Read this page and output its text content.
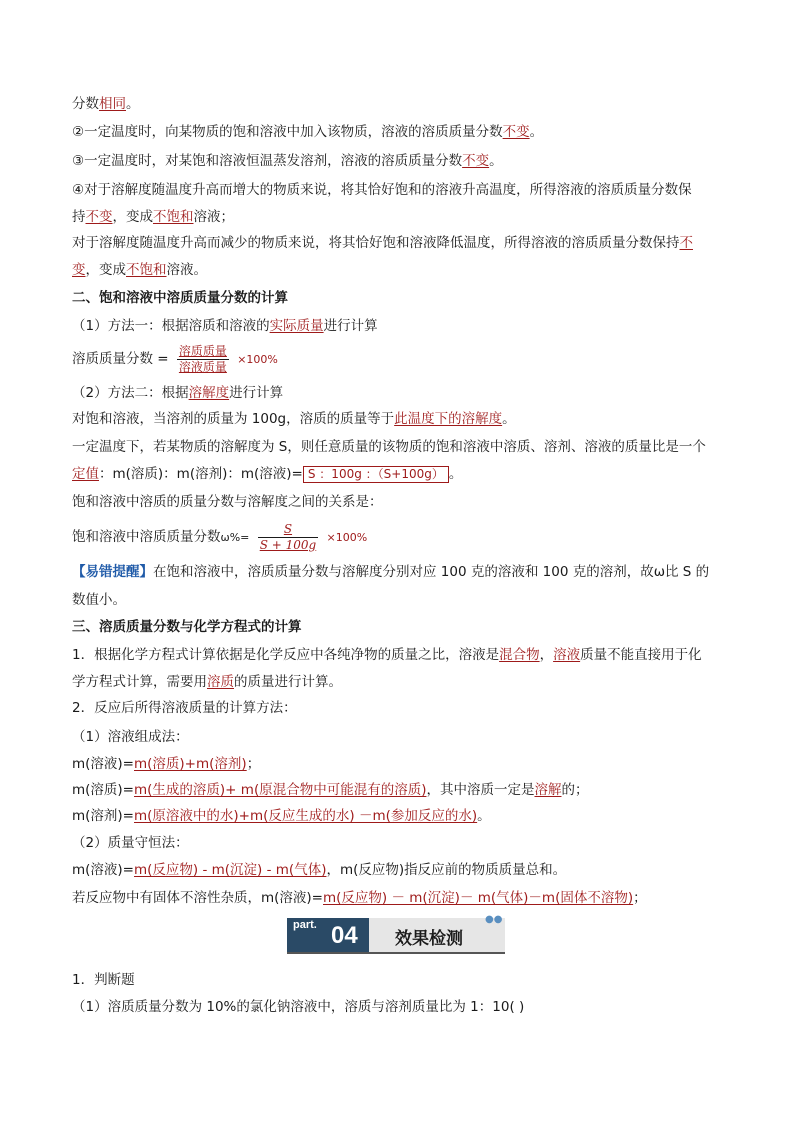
分数相同。
②一定温度时，向某物质的饱和溶液中加入该物质，溶液的溶质质量分数不变。
③一定温度时，对某饱和溶液恒温蒸发溶剂，溶液的溶质质量分数不变。
④对于溶解度随温度升高而增大的物质来说，将其恰好饱和的溶液升高温度，所得溶液的溶质质量分数保
持不变，变成不饱和溶液；
对于溶解度随温度升高而减少的物质来说，将其恰好饱和溶液降低温度，所得溶液的溶质质量分数保持不
变，变成不饱和溶液。
二、饱和溶液中溶质质量分数的计算
（1）方法一：根据溶质和溶液的实际质量进行计算
溶质质量分数 = $\frac{\text{溶质质量}}{\text{溶液质量}} \times 100\%$
（2）方法二：根据溶解度进行计算
对饱和溶液，当溶剂的质量为 100g，溶质的质量等于此温度下的溶解度。
一定温度下，若某物质的溶解度为 S，则任意质量的该物质的饱和溶液中溶质、溶剂、溶液的质量比是一个
定值：m(溶质)：m(溶剂)：m(溶液)= S ：100g ：（S+100g） 。
饱和溶液中溶质的质量分数与溶解度之间的关系是：
饱和溶液中溶质质量分数$\omega\%= \frac{S}{S + 100g} \times 100\%$
【易错提醒】在饱和溶液中，溶质质量分数与溶解度分别对应 100 克的溶液和 100 克的溶剂，故ω比 S 的
数值小。
三、溶质质量分数与化学方程式的计算
1．根据化学方程式计算依据是化学反应中各纯净物的质量之比，溶液是混合物，溶液质量不能直接用于化
学方程式计算，需要用溶质的质量进行计算。
2．反应后所得溶液质量的计算方法：
（1）溶液组成法：
m(溶液)=m(溶质)+m(溶剂)；
m(溶质)=m(生成的溶质)+ m(原混合物中可能混有的溶质)，其中溶质一定是溶解的；
m(溶剂)=m(原溶液中的水)+m(反应生成的水) －m(参加反应的水)。
（2）质量守恒法：
m(溶液)=m(反应物) - m(沉淀) - m(气体)，m(反应物)指反应前的物质质量总和。
若反应物中有固体不溶性杂质，m(溶液)=m(反应物) － m(沉淀)－ m(气体)－m(固体不溶物)；
part. 04 效果检测
●●
1．判断题
（1）溶质质量分数为 10%的氯化钠溶液中，溶质与溶剂质量比为 1：10( )
